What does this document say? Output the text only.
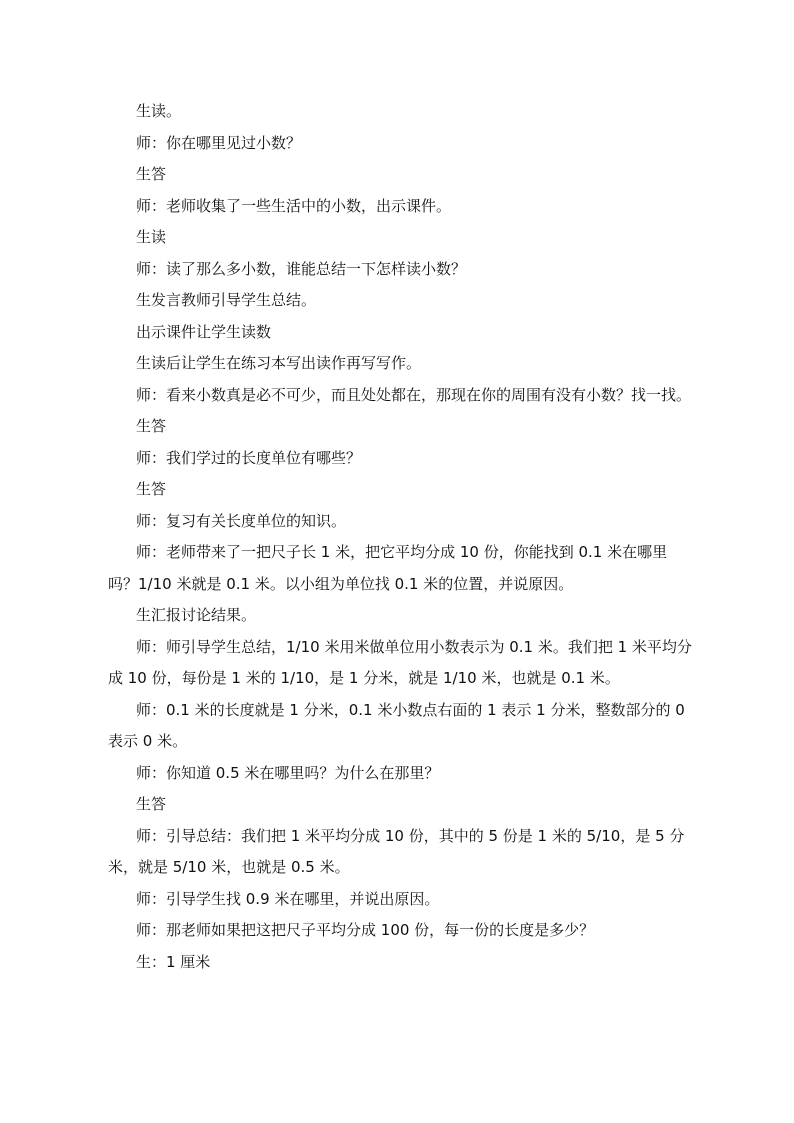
生读。

师：你在哪里见过小数？

生答

师：老师收集了一些生活中的小数，出示课件。

生读

师：读了那么多小数，谁能总结一下怎样读小数？

生发言教师引导学生总结。

出示课件让学生读数

生读后让学生在练习本写出读作再写写作。

师：看来小数真是必不可少，而且处处都在，那现在你的周围有没有小数？找一找。

生答

师：我们学过的长度单位有哪些？

生答

师：复习有关长度单位的知识。

师：老师带来了一把尺子长 1 米，把它平均分成 10 份，你能找到 0.1 米在哪里吗？1/10 米就是 0.1 米。以小组为单位找 0.1 米的位置，并说原因。

生汇报讨论结果。

师：师引导学生总结，1/10 米用米做单位用小数表示为 0.1 米。我们把 1 米平均分成 10 份，每份是 1 米的 1/10，是 1 分米，就是 1/10 米，也就是 0.1 米。

师：0.1 米的长度就是 1 分米，0.1 米小数点右面的 1 表示 1 分米，整数部分的 0 表示 0 米。

师：你知道 0.5 米在哪里吗？为什么在那里？

生答

师：引导总结：我们把 1 米平均分成 10 份，其中的 5 份是 1 米的 5/10，是 5 分米，就是 5/10 米，也就是 0.5 米。

师：引导学生找 0.9 米在哪里，并说出原因。

师：那老师如果把这把尺子平均分成 100 份，每一份的长度是多少？

生：1 厘米
